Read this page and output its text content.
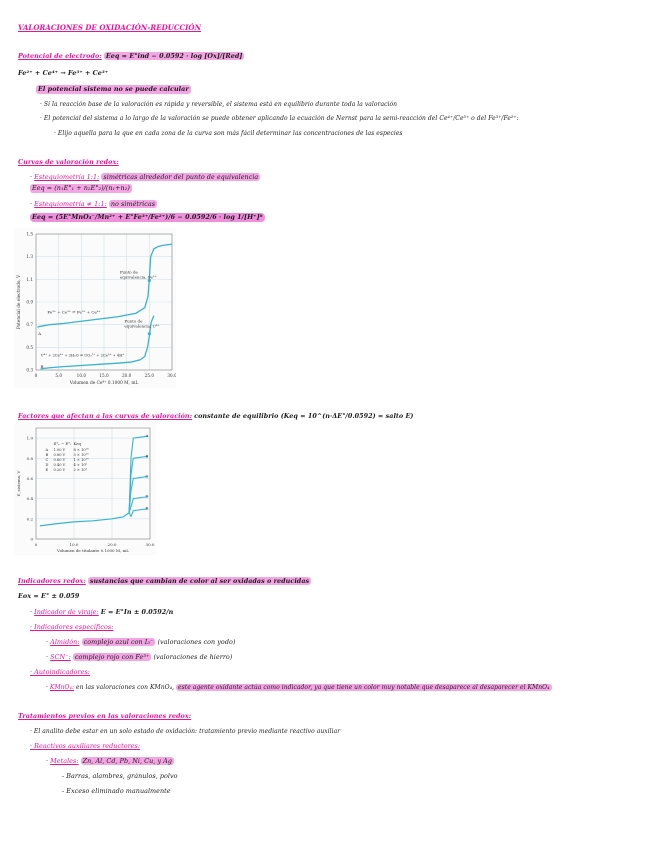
VALORACIONES DE OXIDACIÓN-REDUCCIÓN
Potencial de electrodo: Eeq = E°ind − 0.0592 · log [Ox]/[Red]
Fe²⁺ + Ce⁴⁺ → Fe³⁺ + Ce³⁺
El potencial sistema no se puede calcular
· Si la reacción base de la valoración es rápida y reversible, el sistema está en equilibrio durante toda la valoración
· El potencial del sistema a lo largo de la valoración se puede obtener aplicando la ecuación de Nernst para la semi-reacción del Ce⁴⁺/Ce³⁺ o del Fe³⁺/Fe²⁺:
· Elijo aquella para la que en cada zona de la curva son más fácil determinar las concentraciones de las especies
Curvas de valoración redox:
· Estequiometría 1:1: simétricas alrededor del punto de equivalencia
Eeq = (n₁E°₁ + n₂E°₂)/(n₁+n₂)
· Estequiometría ≠ 1:1: no simétricas
Eeq = (5E°MnO₄⁻/Mn²⁺ + E°Fe³⁺/Fe²⁺)/6 − 0.0592/6 · log 1/[H⁺]⁸
0	5.0	10.0	15.0	20.0	25.0	30.0
1.5
1.3
1.1
0.9
0.7
0.5
0.3
A
B
Punto de
equivalencia, Fe²⁺
Punto de
equivalencia, U⁴⁺
Fe³⁺ + Ce³⁺ ⇌ Fe²⁺ + Ce⁴⁺
U⁴⁺ + 2Ce⁴⁺ + 2H₂O ⇌ UO₂²⁺ + 2Ce³⁺ + 4H⁺
Potencial de electrodo, V
Volumen de Ce⁴⁺ 0.1000 M, mL
Factores que afectan a las curvas de valoración: constante de equilibrio (Keq = 10^(n·ΔE°/0.0592) = salto E)
0	10.0	20.0	30.0
1.0
0.8
0.6
0.4
0.2
0
A
B
C
D
E
E°ₓ − E°ₜ Keq
A 1.00 V 8 × 10¹⁶
B 0.80 V 3 × 10¹³
C 0.60 V 1 × 10¹⁰
D 0.40 V 4 × 10⁶
E 0.20 V 2 × 10³
E_sistema, V
Volumen de titulante 0.1000 M, mL
Indicadores redox: sustancias que cambian de color al ser oxidadas o reducidas
Eox = E° ± 0.059
· Indicador de viraje: E = E°In ± 0.0592/n
· Indicadores específicos:
· Almidón: complejo azul con I₃⁻ (valoraciones con yodo)
· SCN⁻: complejo rojo con Fe³⁺ (valoraciones de hierro)
· Autoindicadores:
· KMnO₄: en las valoraciones con KMnO₄, este agente oxidante actúa como indicador, ya que tiene un color muy notable que desaparece al desaparecer el KMnO₄
Tratamientos previos en las valoraciones redox:
· El analito debe estar en un solo estado de oxidación: tratamiento previo mediante reactivo auxiliar
· Reactivos auxiliares reductores:
· Metales: Zn, Al, Cd, Pb, Ni, Cu, y Ag
- Barras, alambres, gránulos, polvo
- Exceso eliminado manualmente
